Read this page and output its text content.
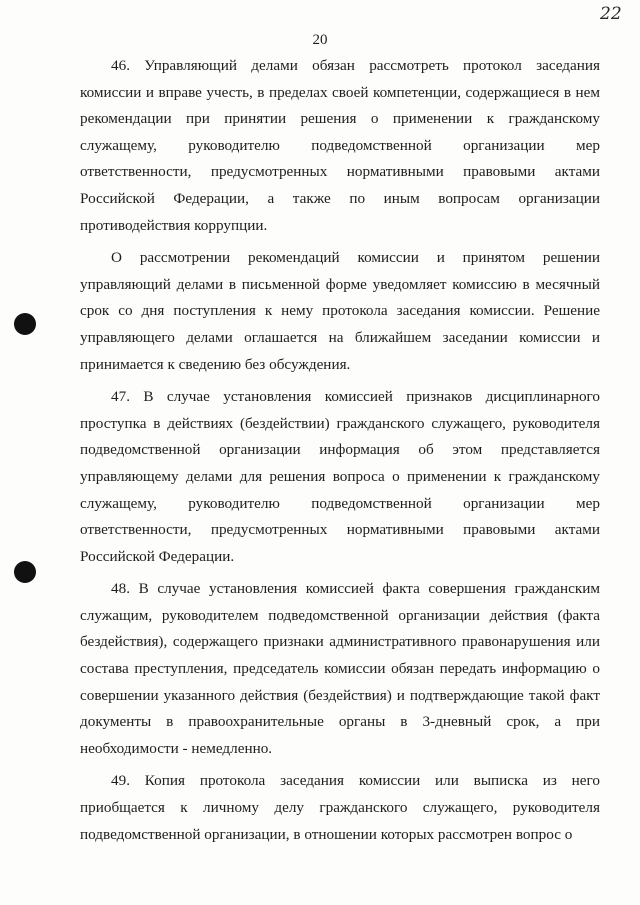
20
22

46. Управляющий делами обязан рассмотреть протокол заседания комиссии и вправе учесть, в пределах своей компетенции, содержащиеся в нем рекомендации при принятии решения о применении к гражданскому служащему, руководителю подведомственной организации мер ответственности, предусмотренных нормативными правовыми актами Российской Федерации, а также по иным вопросам организации противодействия коррупции.

О рассмотрении рекомендаций комиссии и принятом решении управляющий делами в письменной форме уведомляет комиссию в месячный срок со дня поступления к нему протокола заседания комиссии. Решение управляющего делами оглашается на ближайшем заседании комиссии и принимается к сведению без обсуждения.

47. В случае установления комиссией признаков дисциплинарного проступка в действиях (бездействии) гражданского служащего, руководителя подведомственной организации информация об этом представляется управляющему делами для решения вопроса о применении к гражданскому служащему, руководителю подведомственной организации мер ответственности, предусмотренных нормативными правовыми актами Российской Федерации.

48. В случае установления комиссией факта совершения гражданским служащим, руководителем подведомственной организации действия (факта бездействия), содержащего признаки административного правонарушения или состава преступления, председатель комиссии обязан передать информацию о совершении указанного действия (бездействия) и подтверждающие такой факт документы в правоохранительные органы в 3-дневный срок, а при необходимости - немедленно.

49. Копия протокола заседания комиссии или выписка из него приобщается к личному делу гражданского служащего, руководителя подведомственной организации, в отношении которых рассмотрен вопрос о
